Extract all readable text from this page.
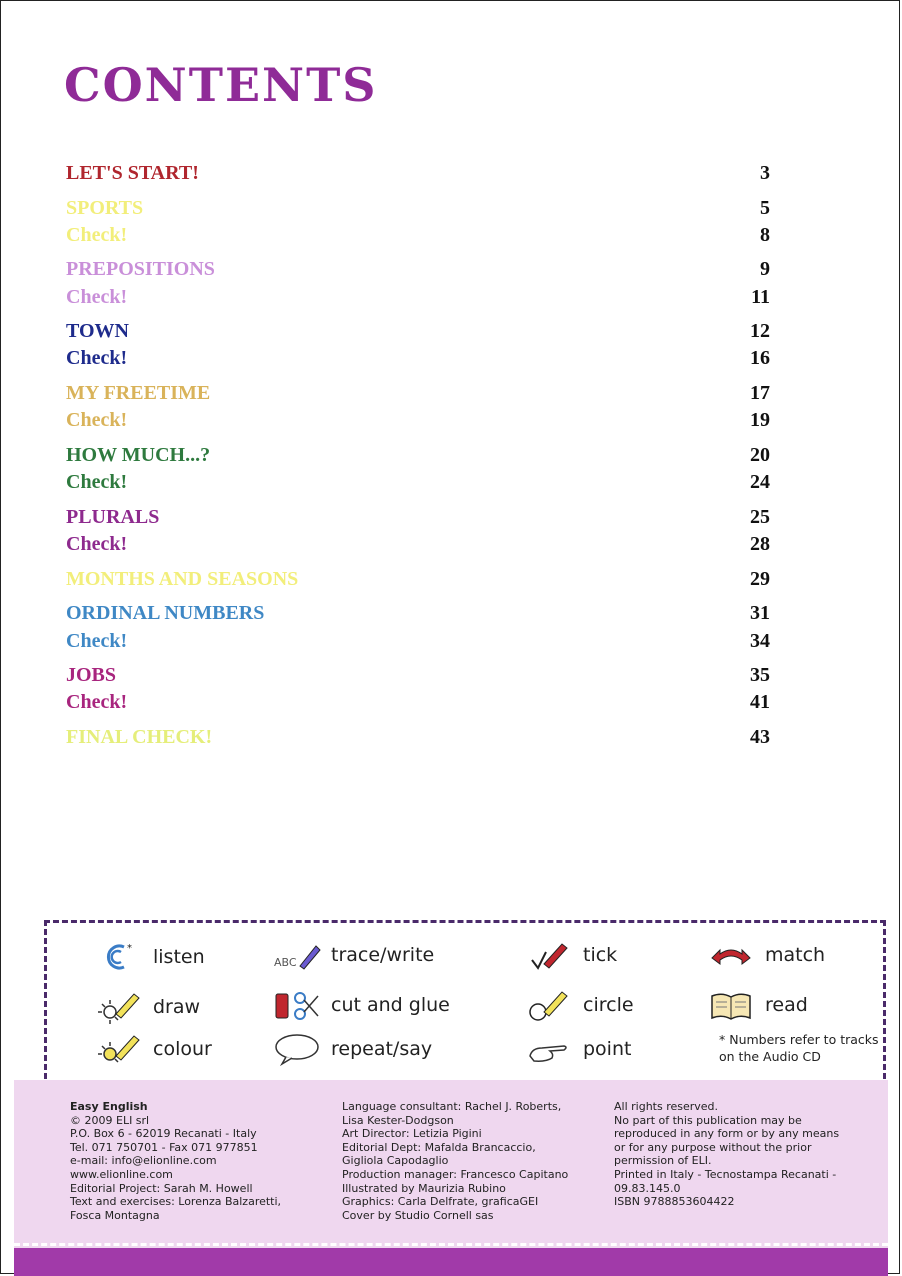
CONTENTS
LET'S START!	3
SPORTS	5
Check!	8
PREPOSITIONS	9
Check!	11
TOWN	12
Check!	16
MY FREETIME	17
Check!	19
HOW MUCH...?	20
Check!	24
PLURALS	25
Check!	28
MONTHS AND SEASONS	29
ORDINAL NUMBERS	31
Check!	34
JOBS	35
Check!	41
FINAL CHECK!	43
* listen	ABC trace/write	tick	match
draw	cut and glue	circle	read
colour	repeat/say	point	* Numbers refer to tracks on the Audio CD
Easy English
© 2009 ELI srl
P.O. Box 6 - 62019 Recanati - Italy
Tel. 071 750701 - Fax 071 977851
e-mail: info@elionline.com
www.elionline.com
Editorial Project: Sarah M. Howell
Text and exercises: Lorenza Balzaretti,
Fosca Montagna
Language consultant: Rachel J. Roberts,
Lisa Kester-Dodgson
Art Director: Letizia Pigini
Editorial Dept: Mafalda Brancaccio,
Gigliola Capodaglio
Production manager: Francesco Capitano
Illustrated by Maurizia Rubino
Graphics: Carla Delfrate, graficaGEI
Cover by Studio Cornell sas
All rights reserved.
No part of this publication may be
reproduced in any form or by any means
or for any purpose without the prior
permission of ELI.
Printed in Italy - Tecnostampa Recanati -
09.83.145.0
ISBN 9788853604422
